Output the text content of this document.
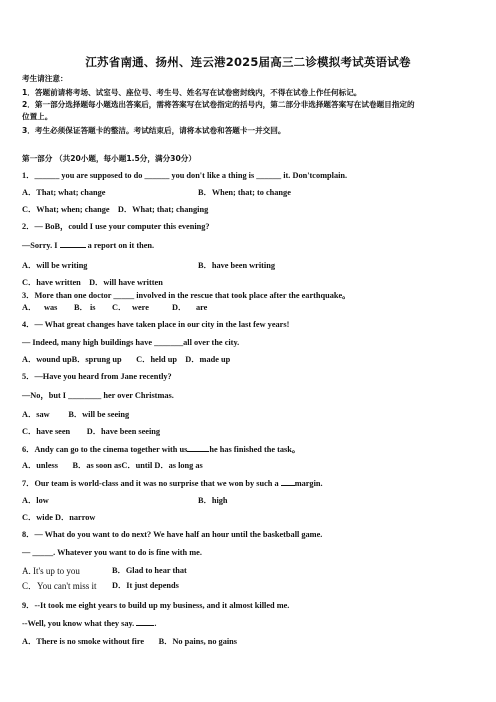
江苏省南通、扬州、连云港2025届高三二诊模拟考试英语试卷
考生请注意：
1．答题前请将考场、试室号、座位号、考生号、姓名写在试卷密封线内，不得在试卷上作任何标记。
2．第一部分选择题每小题选出答案后，需将答案写在试卷指定的括号内，第二部分非选择题答案写在试卷题目指定的
位置上。
3．考生必须保证答题卡的整洁。考试结束后，请将本试卷和答题卡一并交回。
第一部分 （共20小题，每小题1.5分，满分30分）
1．______ you are supposed to do ______ you don't like a thing is ______ it. Don'tcomplain.
A．That; what; change	B．When; that; to change
C．What; when; change D．What; that; changing
2．— BoB，could I use your computer this evening?
—Sorry. I	a report on it then.
A．will be writing	B．have been writing
C．have written D．will have written
3．More than one doctor _____ involved in the rescue that took place after the earthquake。
A． was B． is C． were	D． are
4．— What great changes have taken place in our city in the last few years!
— Indeed, many high buildings have _______all over the city.
A．wound upB．sprung up C．held up D．made up
5．—Have you heard from Jane recently?
—No，but I ________ her over Christmas.
A．saw B．will be seeing
C．have seen D．have been seeing
6．Andy can go to the cinema together with us	he has finished the task。
A．unless B．as soon asC．until D．as long as
7．Our team is world-class and it was no surprise that we won by such a margin.
A．low	B．high
C．wide D．narrow
8．— What do you want to do next? We have half an hour until the basketball game.
— _____. Whatever you want to do is fine with me.
A. It's up to you	B．Glad to hear that
C．You can't miss it D．It just depends
9．--It took me eight years to build up my business, and it almost killed me.
--Well, you know what they say. .
A．There is no smoke without fire B．No pains, no gains
